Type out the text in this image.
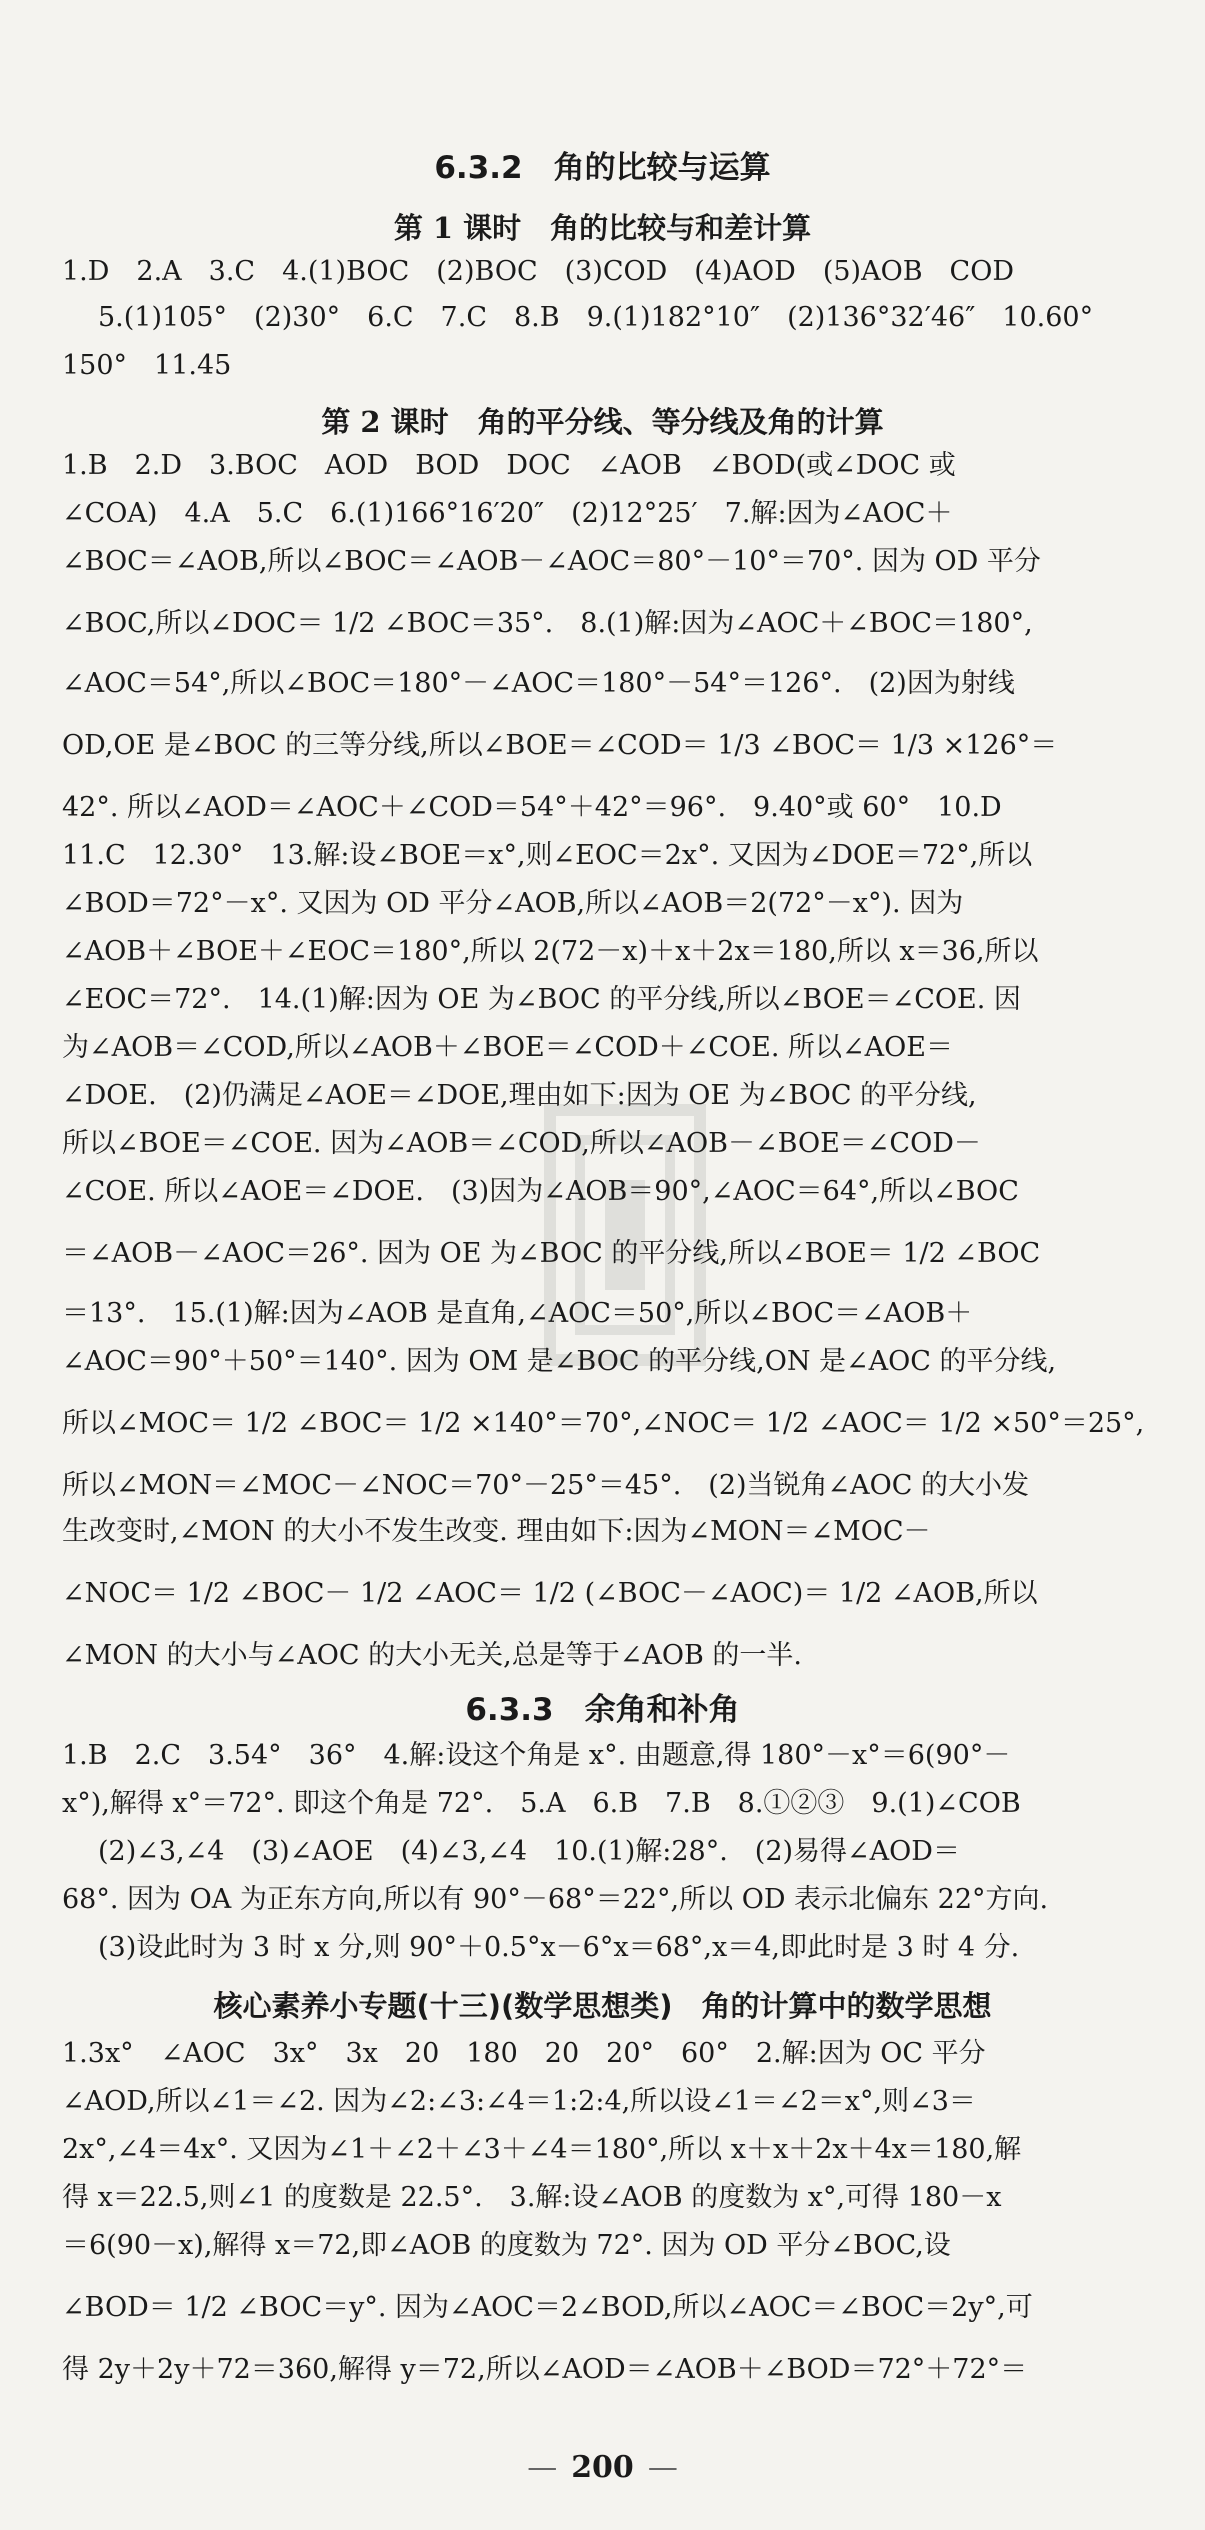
6.3.2　角的比较与运算
第 1 课时　角的比较与和差计算
1.D　2.A　3.C　4.(1)BOC　(2)BOC　(3)COD　(4)AOD　(5)AOB　COD
5.(1)105°　(2)30°　6.C　7.C　8.B　9.(1)182°10″　(2)136°32′46″　10.60°
150°　11.45
第 2 课时　角的平分线、等分线及角的计算
1.B　2.D　3.BOC　AOD　BOD　DOC　∠AOB　∠BOD(或∠DOC 或
∠COA)　4.A　5.C　6.(1)166°16′20″　(2)12°25′　7.解:因为∠AOC＋
∠BOC＝∠AOB,所以∠BOC＝∠AOB－∠AOC＝80°－10°＝70°. 因为 OD 平分
∠BOC,所以∠DOC＝ 1/2 ∠BOC＝35°.　8.(1)解:因为∠AOC＋∠BOC＝180°,
∠AOC＝54°,所以∠BOC＝180°－∠AOC＝180°－54°＝126°.　(2)因为射线
OD,OE 是∠BOC 的三等分线,所以∠BOE＝∠COD＝ 1/3 ∠BOC＝ 1/3 ×126°＝
42°. 所以∠AOD＝∠AOC＋∠COD＝54°＋42°＝96°.　9.40°或 60°　10.D
11.C　12.30°　13.解:设∠BOE＝x°,则∠EOC＝2x°. 又因为∠DOE＝72°,所以
∠BOD＝72°－x°. 又因为 OD 平分∠AOB,所以∠AOB＝2(72°－x°). 因为
∠AOB＋∠BOE＋∠EOC＝180°,所以 2(72－x)＋x＋2x＝180,所以 x＝36,所以
∠EOC＝72°.　14.(1)解:因为 OE 为∠BOC 的平分线,所以∠BOE＝∠COE. 因
为∠AOB＝∠COD,所以∠AOB＋∠BOE＝∠COD＋∠COE. 所以∠AOE＝
∠DOE.　(2)仍满足∠AOE＝∠DOE,理由如下:因为 OE 为∠BOC 的平分线,
所以∠BOE＝∠COE. 因为∠AOB＝∠COD,所以∠AOB－∠BOE＝∠COD－
∠COE. 所以∠AOE＝∠DOE.　(3)因为∠AOB＝90°,∠AOC＝64°,所以∠BOC
＝∠AOB－∠AOC＝26°. 因为 OE 为∠BOC 的平分线,所以∠BOE＝ 1/2 ∠BOC
＝13°.　15.(1)解:因为∠AOB 是直角,∠AOC＝50°,所以∠BOC＝∠AOB＋
∠AOC＝90°＋50°＝140°. 因为 OM 是∠BOC 的平分线,ON 是∠AOC 的平分线,
所以∠MOC＝ 1/2 ∠BOC＝ 1/2 ×140°＝70°,∠NOC＝ 1/2 ∠AOC＝ 1/2 ×50°＝25°,
所以∠MON＝∠MOC－∠NOC＝70°－25°＝45°.　(2)当锐角∠AOC 的大小发
生改变时,∠MON 的大小不发生改变. 理由如下:因为∠MON＝∠MOC－
∠NOC＝ 1/2 ∠BOC－ 1/2 ∠AOC＝ 1/2 (∠BOC－∠AOC)＝ 1/2 ∠AOB,所以
∠MON 的大小与∠AOC 的大小无关,总是等于∠AOB 的一半.
6.3.3　余角和补角
1.B　2.C　3.54°　36°　4.解:设这个角是 x°. 由题意,得 180°－x°＝6(90°－
x°),解得 x°＝72°. 即这个角是 72°.　5.A　6.B　7.B　8.①②③　9.(1)∠COB
(2)∠3,∠4　(3)∠AOE　(4)∠3,∠4　10.(1)解:28°.　(2)易得∠AOD＝
68°. 因为 OA 为正东方向,所以有 90°－68°＝22°,所以 OD 表示北偏东 22°方向.
(3)设此时为 3 时 x 分,则 90°＋0.5°x－6°x＝68°,x＝4,即此时是 3 时 4 分.
核心素养小专题(十三)(数学思想类)　角的计算中的数学思想
1.3x°　∠AOC　3x°　3x　20　180　20　20°　60°　2.解:因为 OC 平分
∠AOD,所以∠1＝∠2. 因为∠2:∠3:∠4＝1:2:4,所以设∠1＝∠2＝x°,则∠3＝
2x°,∠4＝4x°. 又因为∠1＋∠2＋∠3＋∠4＝180°,所以 x＋x＋2x＋4x＝180,解
得 x＝22.5,则∠1 的度数是 22.5°.　3.解:设∠AOB 的度数为 x°,可得 180－x
＝6(90－x),解得 x＝72,即∠AOB 的度数为 72°. 因为 OD 平分∠BOC,设
∠BOD＝ 1/2 ∠BOC＝y°. 因为∠AOC＝2∠BOD,所以∠AOC＝∠BOC＝2y°,可
得 2y＋2y＋72＝360,解得 y＝72,所以∠AOD＝∠AOB＋∠BOD＝72°＋72°＝
— 200 —
